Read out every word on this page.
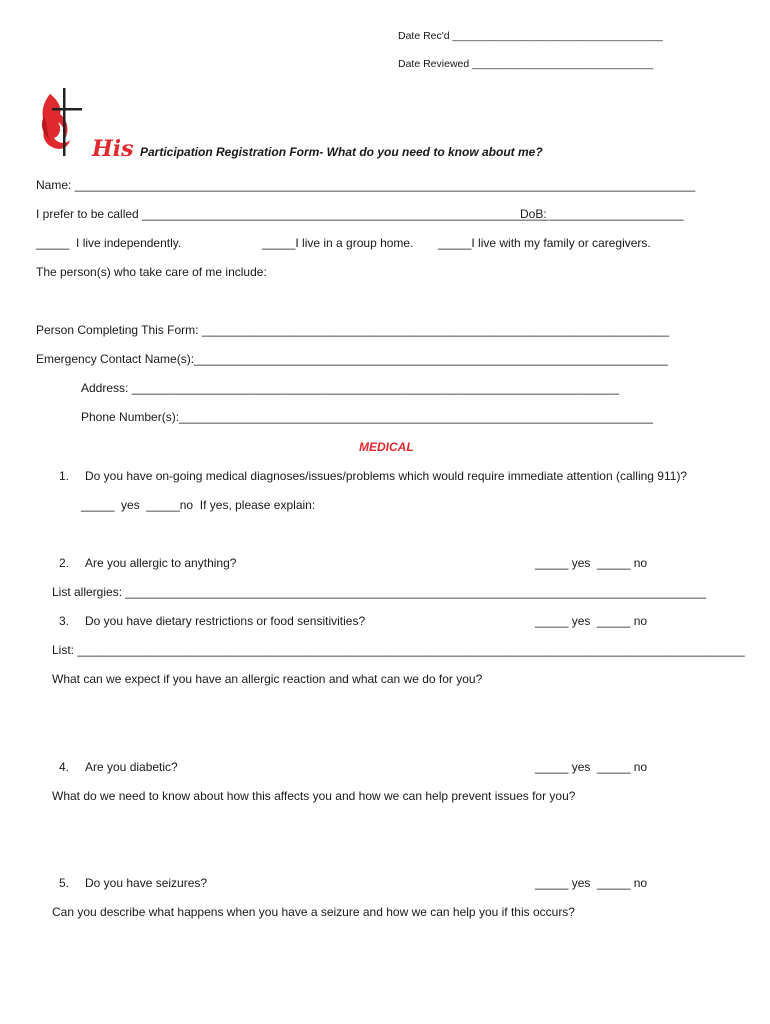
Date Rec'd ____________________________________
Date Reviewed _______________________________
His Participation Registration Form- What do you need to know about me?
Name: _____________________________________________________________________________________________
I prefer to be called _____________________________________________________________
DoB: ____________________
_____  I live independently.	_____I live in a group home. _____I live with my family or caregivers.
The person(s) who take care of me include:
Person Completing This Form: ______________________________________________________________________
Emergency Contact Name(s):_______________________________________________________________________
Address: _________________________________________________________________________
Phone Number(s):_______________________________________________________________________
MEDICAL
1. Do you have on-going medical diagnoses/issues/problems which would require immediate attention (calling 911)?
_____  yes  _____no  If yes, please explain:
2. Are you allergic to anything?	_____ yes  _____ no
List allergies: _______________________________________________________________________________________
3. Do you have dietary restrictions or food sensitivities?	_____ yes  _____ no
List: ____________________________________________________________________________________________________
What can we expect if you have an allergic reaction and what can we do for you?
4. Are you diabetic?	_____ yes  _____ no
What do we need to know about how this affects you and how we can help prevent issues for you?
5. Do you have seizures?	_____ yes  _____ no
Can you describe what happens when you have a seizure and how we can help you if this occurs?
